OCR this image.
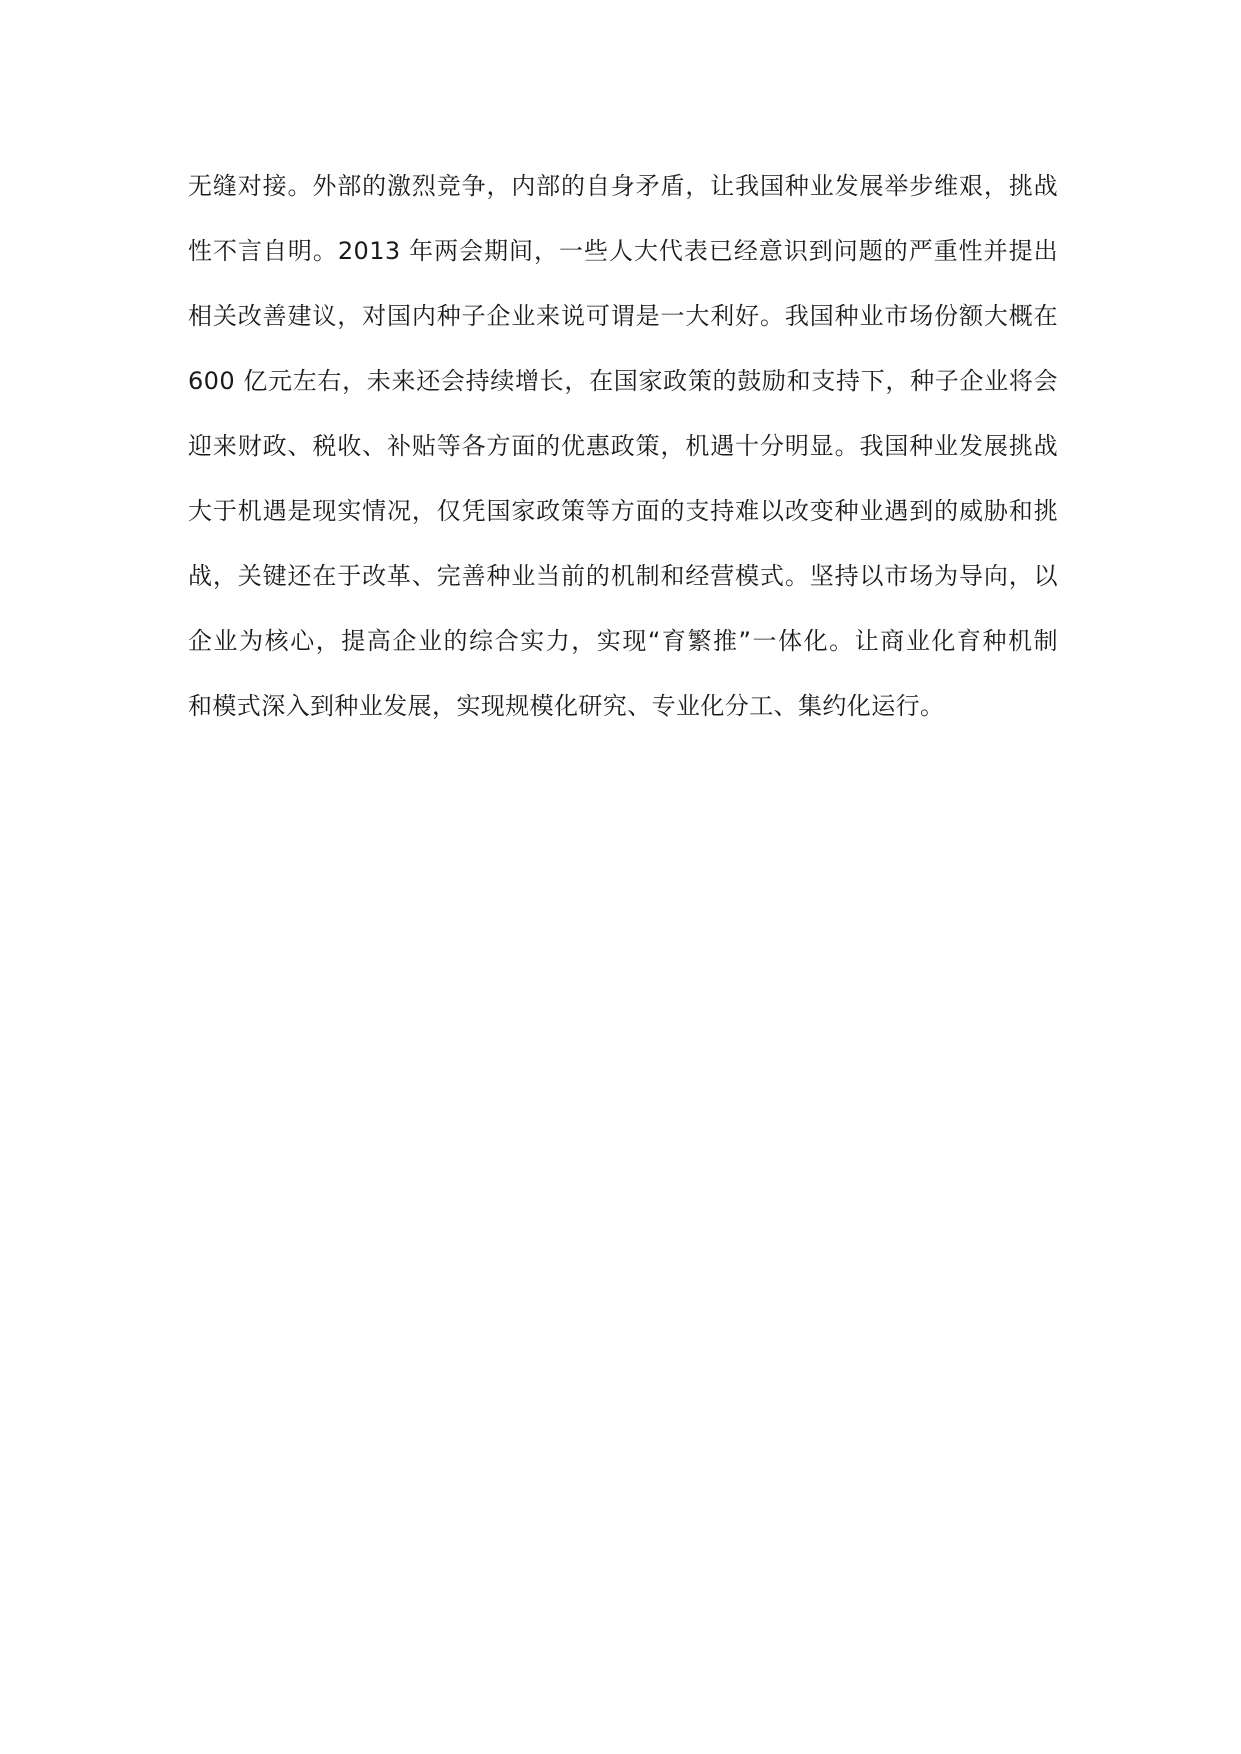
无缝对接。外部的激烈竞争，内部的自身矛盾，让我国种业发展举步维艰，挑战
性不言自明。2013 年两会期间，一些人大代表已经意识到问题的严重性并提出
相关改善建议，对国内种子企业来说可谓是一大利好。我国种业市场份额大概在
600 亿元左右，未来还会持续增长，在国家政策的鼓励和支持下，种子企业将会
迎来财政、税收、补贴等各方面的优惠政策，机遇十分明显。我国种业发展挑战
大于机遇是现实情况，仅凭国家政策等方面的支持难以改变种业遇到的威胁和挑
战，关键还在于改革、完善种业当前的机制和经营模式。坚持以市场为导向，以
企业为核心，提高企业的综合实力，实现“育繁推”一体化。让商业化育种机制
和模式深入到种业发展，实现规模化研究、专业化分工、集约化运行。
